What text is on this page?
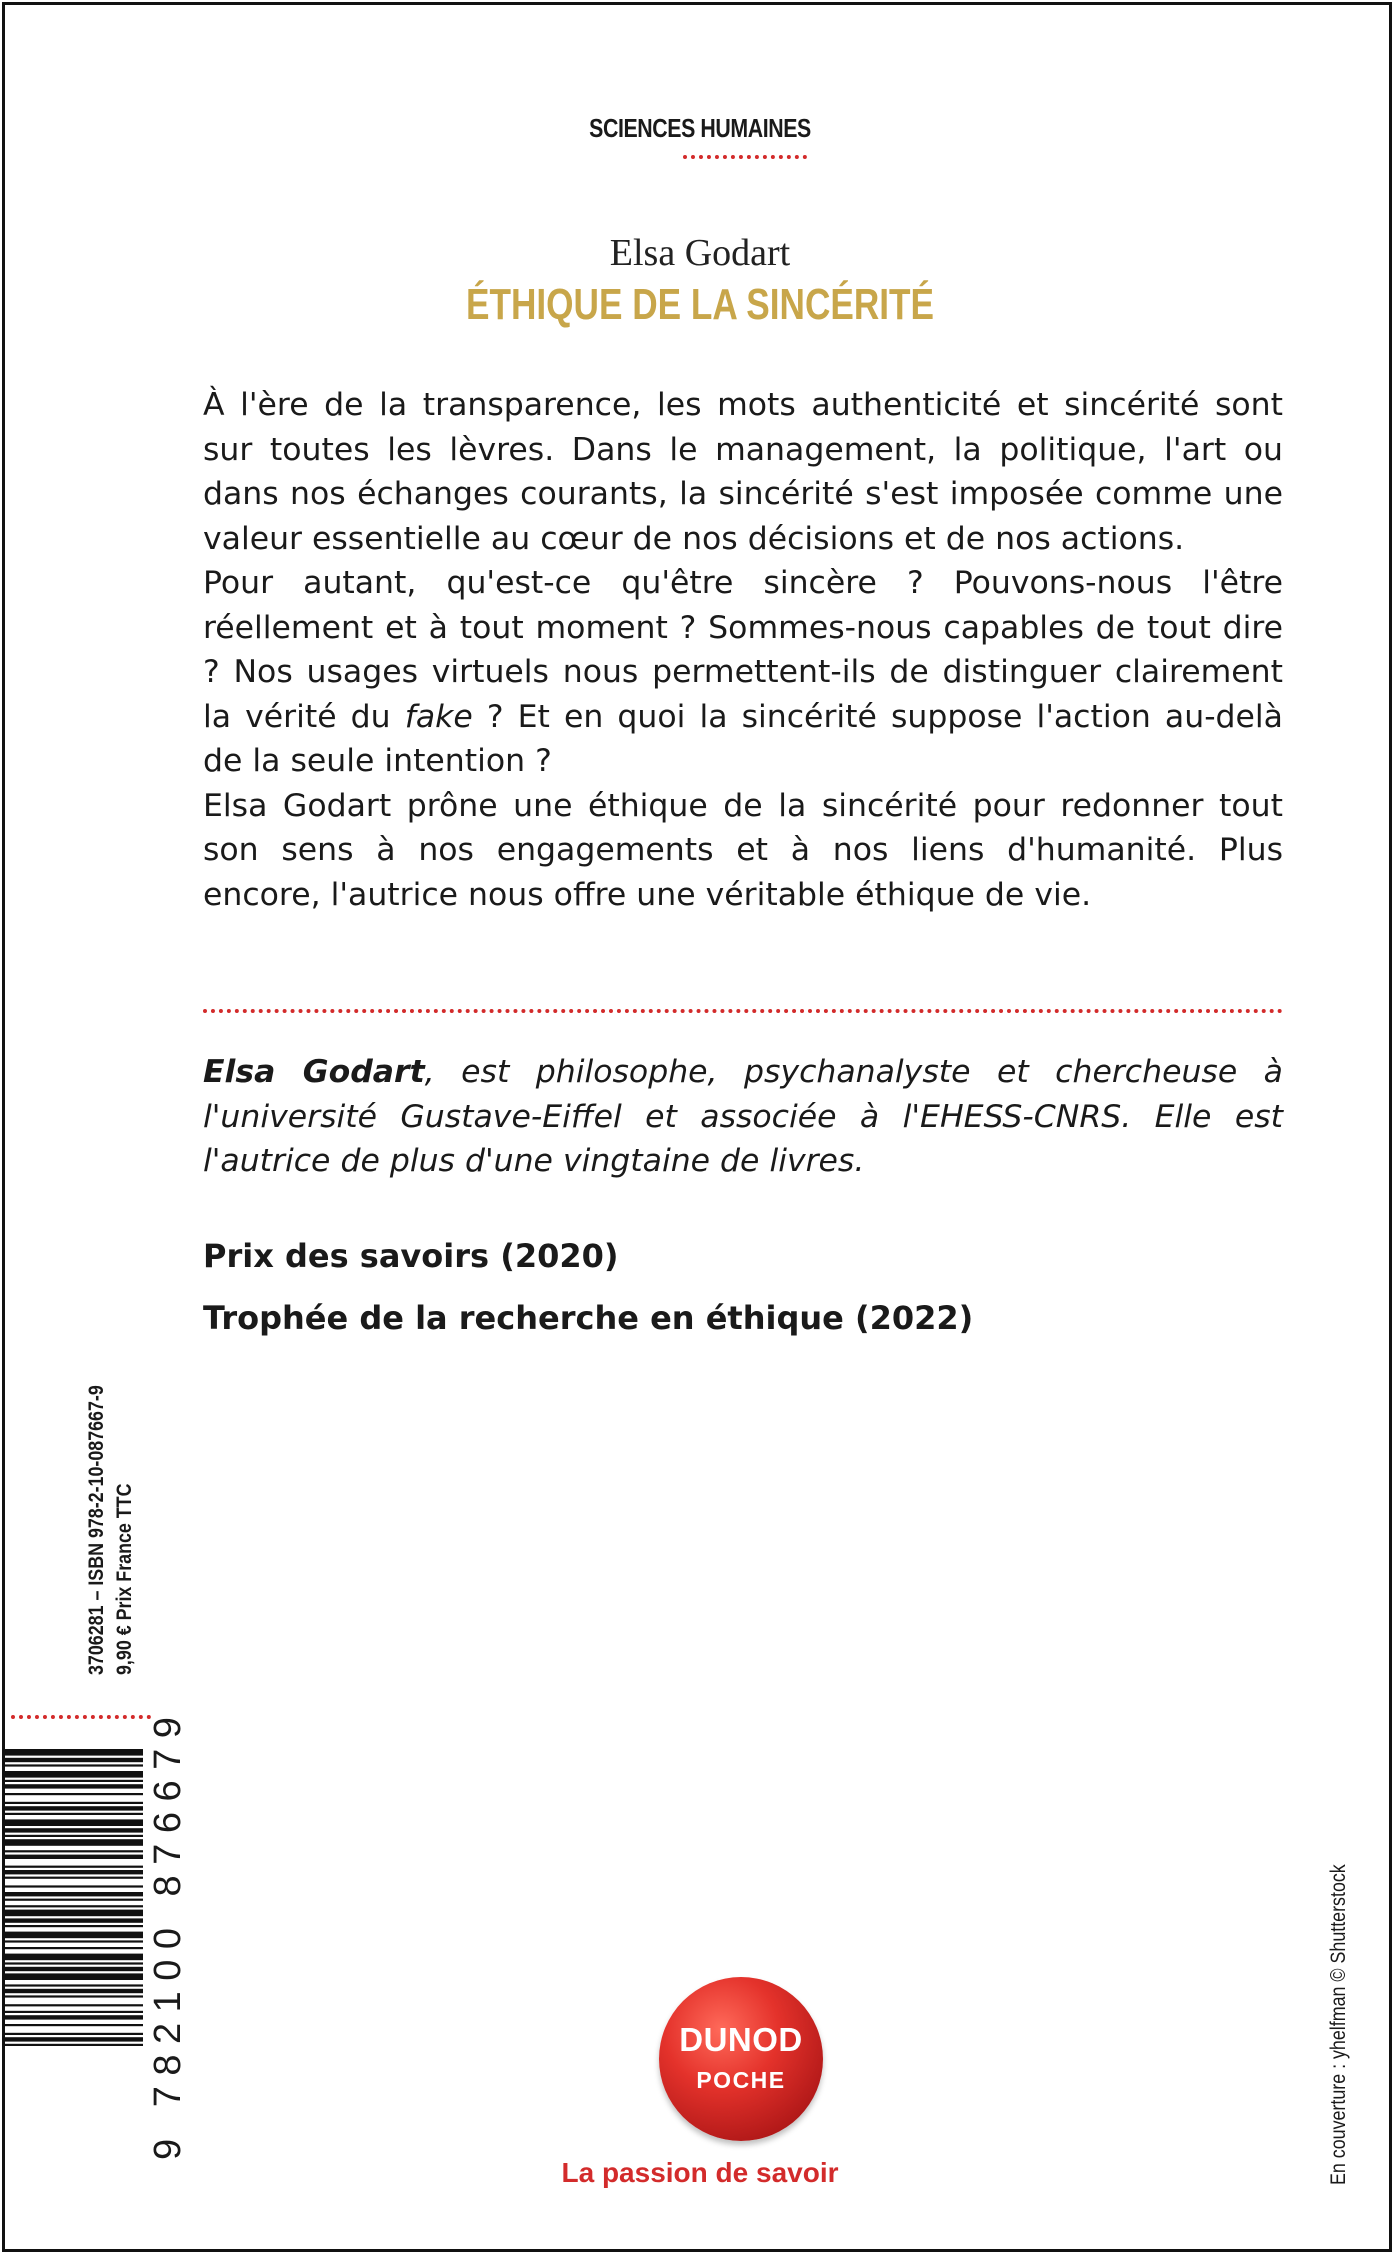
SCIENCES HUMAINES
Elsa Godart
ÉTHIQUE DE LA SINCÉRITÉ

À l'ère de la transparence, les mots authenticité et sincérité sont sur toutes les lèvres. Dans le management, la politique, l'art ou dans nos échanges courants, la sincérité s'est imposée comme une valeur essentielle au cœur de nos décisions et de nos actions.

Pour autant, qu'est-ce qu'être sincère ? Pouvons-nous l'être réellement et à tout moment ? Sommes-nous capables de tout dire ? Nos usages virtuels nous permettent-ils de distinguer clairement la vérité du fake ? Et en quoi la sincérité suppose l'action au-delà de la seule intention ?

Elsa Godart prône une éthique de la sincérité pour redonner tout son sens à nos engagements et à nos liens d'humanité. Plus encore, l'autrice nous offre une véritable éthique de vie.

Elsa Godart, est philosophe, psychanalyste et chercheuse à l'université Gustave-Eiffel et associée à l'EHESS-CNRS. Elle est l'autrice de plus d'une vingtaine de livres.
Prix des savoirs (2020)
Trophée de la recherche en éthique (2022)
3706281 – ISBN 978-2-10-087667-9 9,90 € Prix France TTC
9 782100 876679	En couverture : yhelfman © Shutterstock
DUNOD
POCHE
La passion de savoir
